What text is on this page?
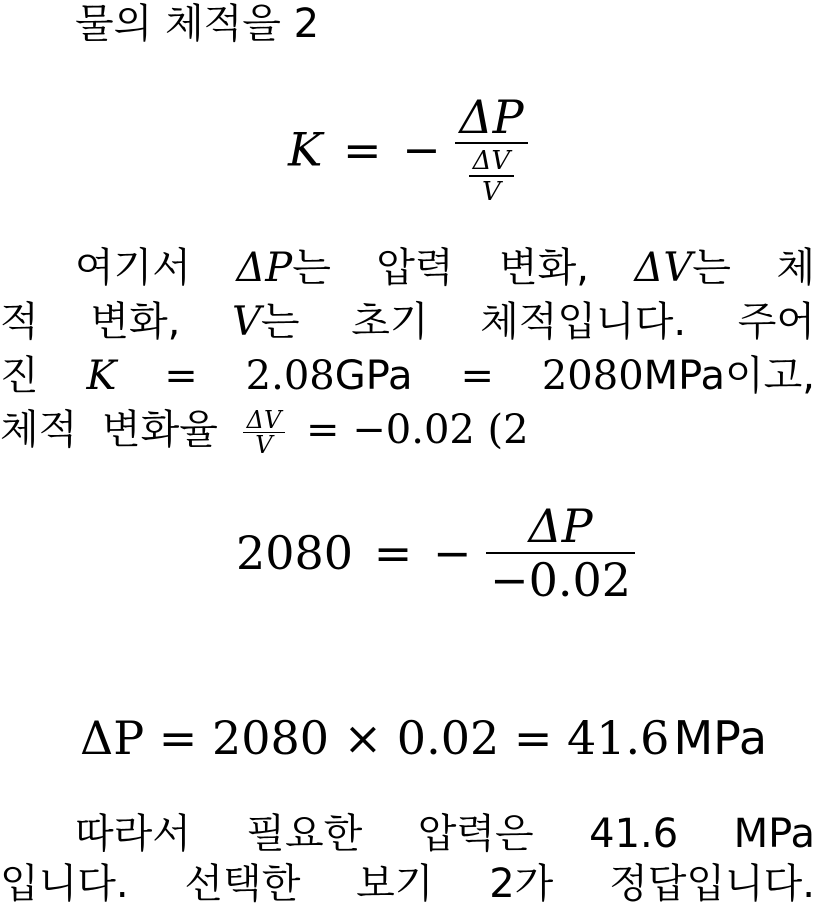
물의 체적을 2
K = − $\frac{\Delta P}{\frac{\Delta V}{V}}$
여기서 ΔP는 압력 변화, ΔV는 체
적 변화, V는 초기 체적입니다. 주어
진 K = 2.08GPa = 2080MPa이고,
체적 변화율 $\frac{\Delta V}{V} = -0.02$ (2
2080 = − $\frac{\Delta P}{-0.02}$
ΔP = 2080 × 0.02 = 41.6MPa
따라서 필요한 압력은 41.6 MPa
입니다. 선택한 보기 2가 정답입니다.
